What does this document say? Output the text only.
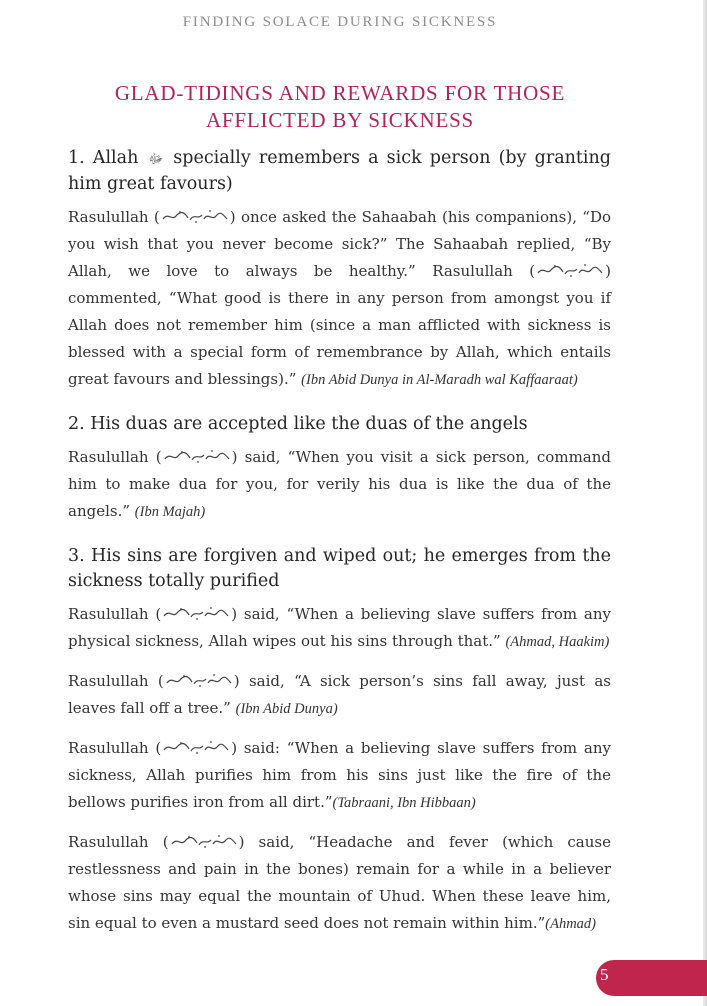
FINDING SOLACE DURING SICKNESS
GLAD-TIDINGS AND REWARDS FOR THOSE
AFFLICTED BY SICKNESS
1. Allah ﷻ specially remembers a sick person (by granting him great favours)

Rasulullah (	) once asked the Sahaabah (his companions), “Do you wish that you never become sick?” The Sahaabah replied, “By Allah, we love to always be healthy.” Rasulullah (	) commented, “What good is there in any person from amongst you if Allah does not remember him (since a man afflicted with sickness is blessed with a special form of remembrance by Allah, which entails great favours and blessings).” (Ibn Abid Dunya in Al-Maradh wal Kaffaaraat)

2. His duas are accepted like the duas of the angels

Rasulullah (	) said, “When you visit a sick person, command him to make dua for you, for verily his dua is like the dua of the angels.” (Ibn Majah)

3. His sins are forgiven and wiped out; he emerges from the sickness totally purified

Rasulullah (	) said, “When a believing slave suffers from any physical sickness, Allah wipes out his sins through that.” (Ahmad, Haakim)

Rasulullah (	) said, “A sick person’s sins fall away, just as leaves fall off a tree.” (Ibn Abid Dunya)

Rasulullah (	) said: “When a believing slave suffers from any sickness, Allah purifies him from his sins just like the fire of the bellows purifies iron from all dirt.”(Tabraani, Ibn Hibbaan)

Rasulullah (	) said, “Headache and fever (which cause restlessness and pain in the bones) remain for a while in a believer whose sins may equal the mountain of Uhud. When these leave him, sin equal to even a mustard seed does not remain within him.”(Ahmad)

5
